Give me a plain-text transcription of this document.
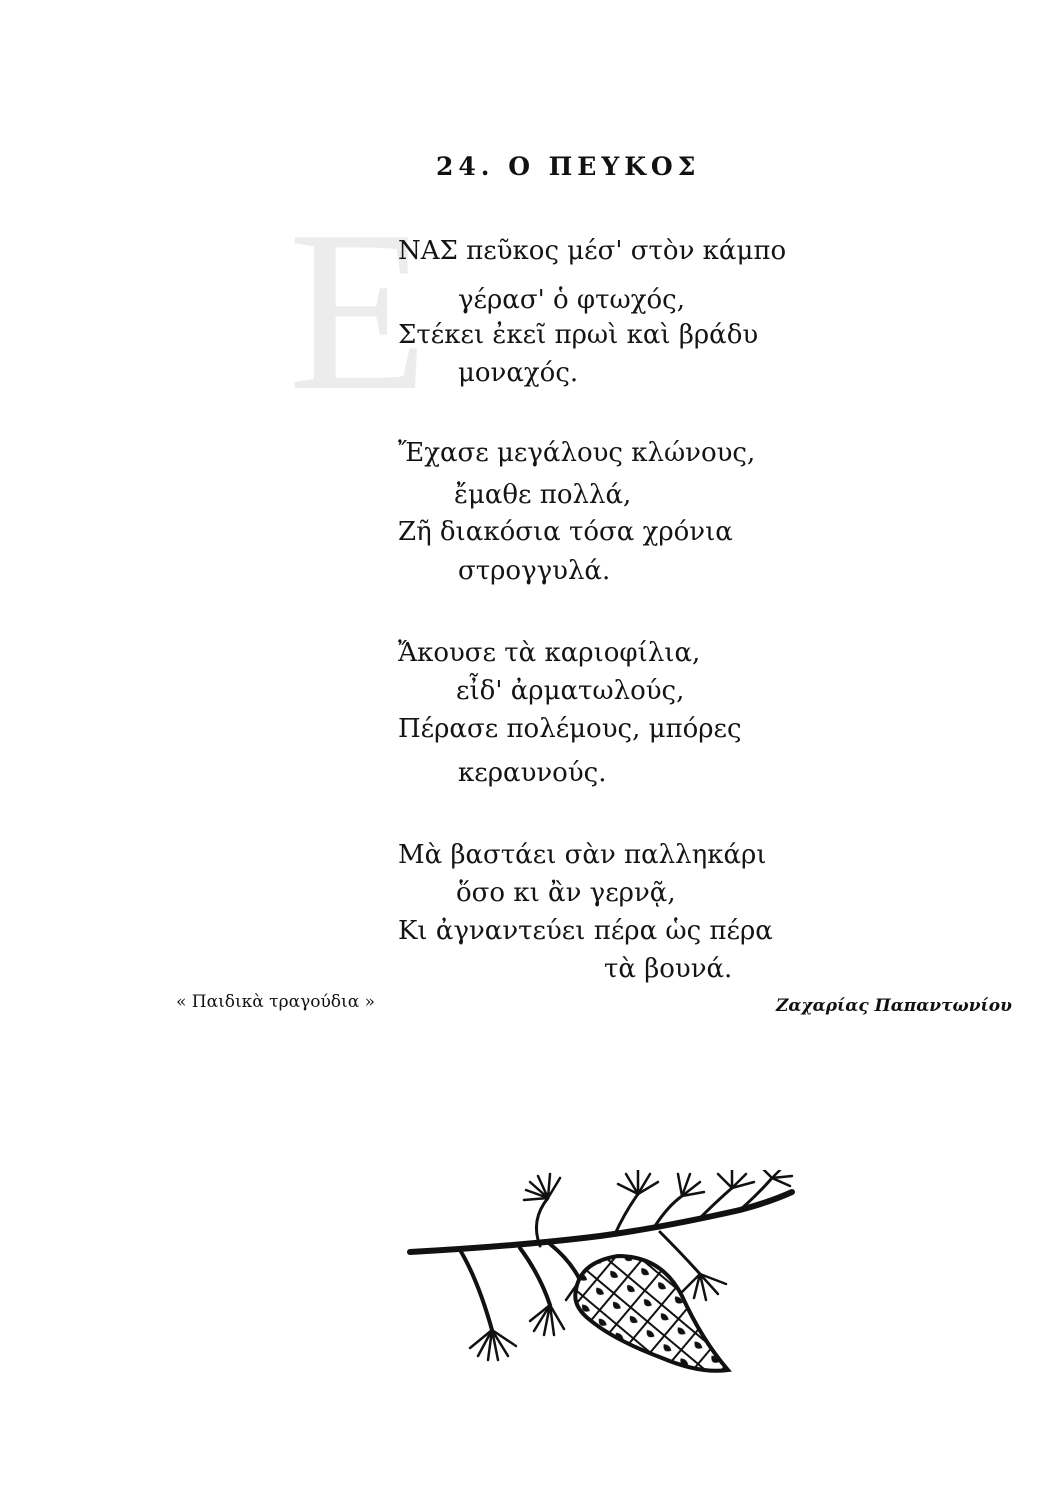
24. Ο ΠΕΥΚΟΣ
Ε
ΝΑΣ πεῦκος μέσ' στὸν κάμπο
γέρασ' ὁ φτωχός,
Στέκει ἐκεῖ πρωὶ καὶ βράδυ
μοναχός.
Ἔχασε μεγάλους κλώνους,
ἔμαθε πολλά,
Ζῆ διακόσια τόσα χρόνια
στρογγυλά.
Ἄκουσε τὰ καριοφίλια,
εἶδ' ἀρματωλούς,
Πέρασε πολέμους, μπόρες
κεραυνούς.
Μὰ βαστάει σὰν παλληκάρι
ὅσο κι ἂν γερνᾷ,
Κι ἀγναντεύει πέρα ὡς πέρα
τὰ βουνά.
« Παιδικὰ τραγούδια »	Ζαχαρίας Παπαντωνίου
